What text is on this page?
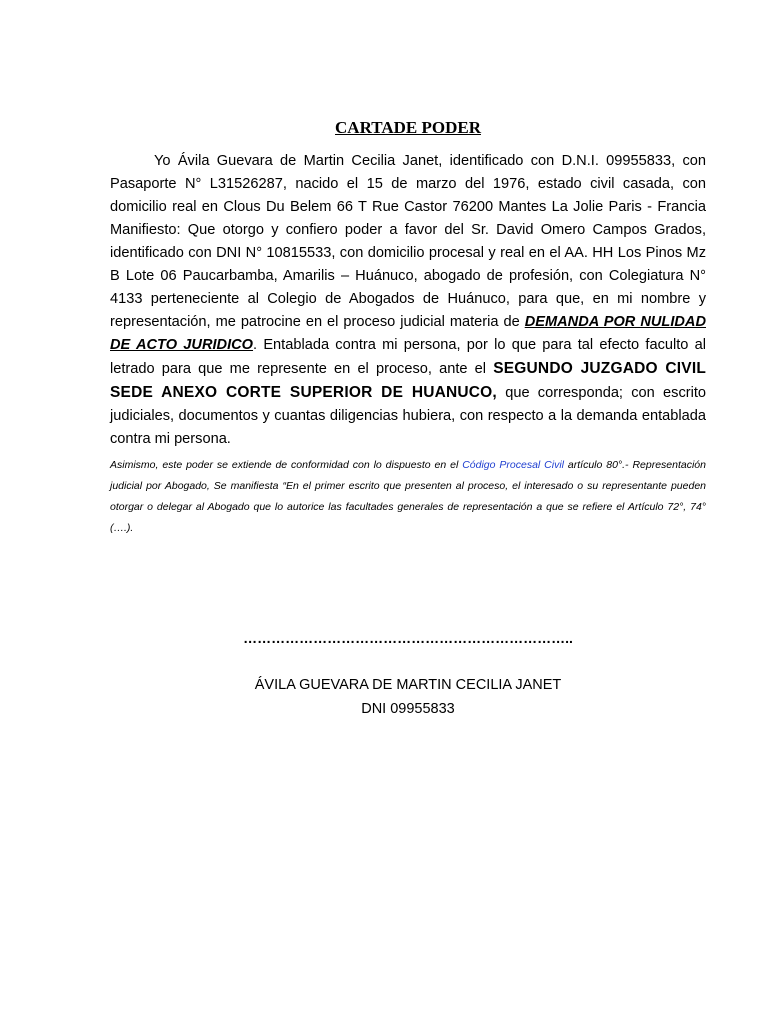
CARTADE PODER

Yo Ávila Guevara de Martin Cecilia Janet, identificado con D.N.I. 09955833, con Pasaporte N° L31526287, nacido el 15 de marzo del 1976, estado civil casada, con domicilio real en Clous Du Belem 66 T Rue Castor 76200 Mantes La Jolie Paris - Francia Manifiesto: Que otorgo y confiero poder a favor del Sr. David Omero Campos Grados, identificado con DNI N° 10815533, con domicilio procesal y real en el AA. HH Los Pinos Mz B Lote 06 Paucarbamba, Amarilis – Huánuco, abogado de profesión, con Colegiatura N° 4133 perteneciente al Colegio de Abogados de Huánuco, para que, en mi nombre y representación, me patrocine en el proceso judicial materia de DEMANDA POR NULIDAD DE ACTO JURIDICO. Entablada contra mi persona, por lo que para tal efecto faculto al letrado para que me represente en el proceso, ante el SEGUNDO JUZGADO CIVIL SEDE ANEXO CORTE SUPERIOR DE HUANUCO, que corresponda; con escrito judiciales, documentos y cuantas diligencias hubiera, con respecto a la demanda entablada contra mi persona.

Asimismo, este poder se extiende de conformidad con lo dispuesto en el Código Procesal Civil artículo 80°.- Representación judicial por Abogado, Se manifiesta “En el primer escrito que presenten al proceso, el interesado o su representante pueden otorgar o delegar al Abogado que lo autorice las facultades generales de representación a que se refiere el Artículo 72°, 74° (….).
……………………………………………………………..
ÁVILA GUEVARA DE MARTIN CECILIA JANET
DNI 09955833
